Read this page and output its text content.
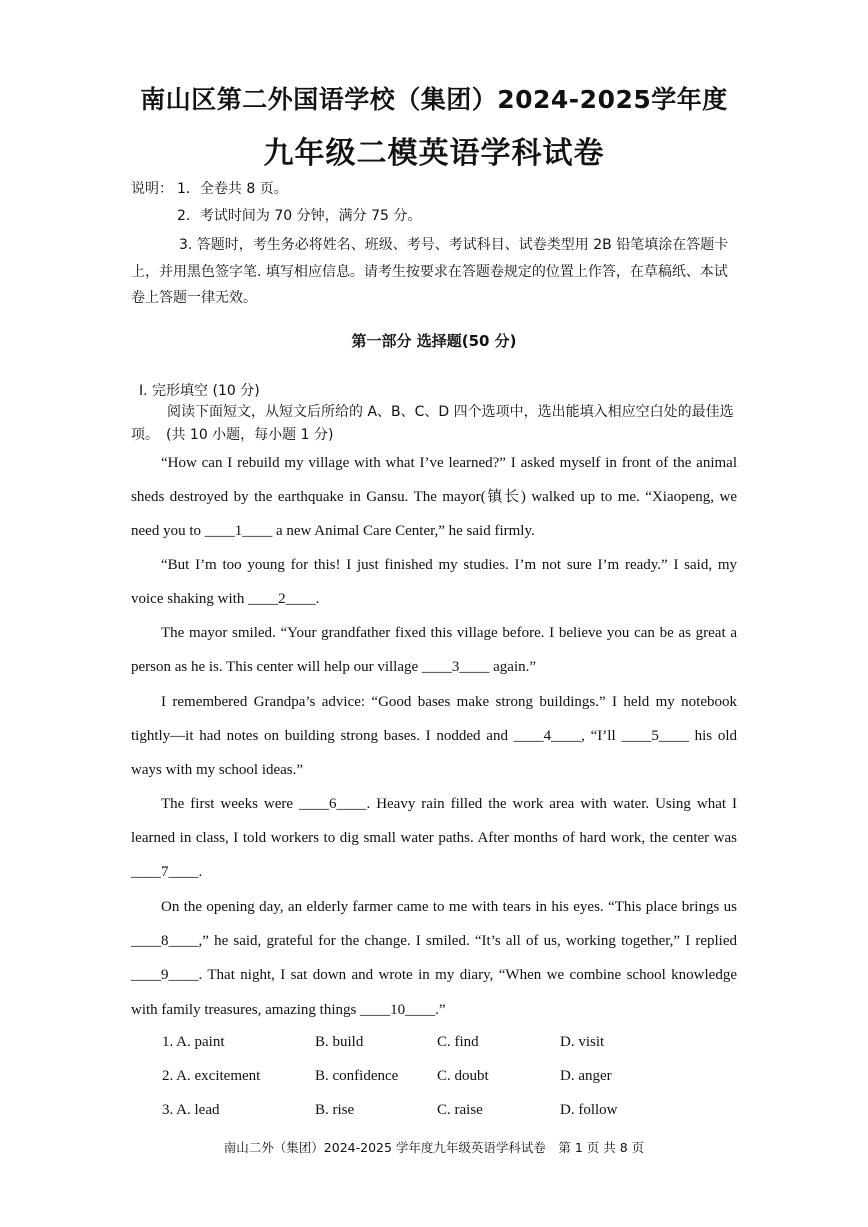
南山区第二外国语学校（集团）2024-2025学年度
九年级二模英语学科试卷
说明： 1．全卷共 8 页。
2．考试时间为 70 分钟，满分 75 分。
3. 答题时，考生务必将姓名、班级、考号、考试科目、试卷类型用 2B 铅笔填涂在答题卡上，并用黑色签字笔. 填写相应信息。请考生按要求在答题卷规定的位置上作答，在草稿纸、本试卷上答题一律无效。
第一部分 选择题(50 分)
I. 完形填空 (10 分)
阅读下面短文，从短文后所给的 A、B、C、D 四个选项中，选出能填入相应空白处的最佳选项。　(共 10 小题，每小题 1 分)
“How can I rebuild my village with what I’ve learned?” I asked myself in front of the animal sheds destroyed by the earthquake in Gansu. The mayor(镇长) walked up to me. “Xiaopeng, we need you to ____1____ a new Animal Care Center,” he said firmly.
“But I’m too young for this! I just finished my studies. I’m not sure I’m ready.” I said, my voice shaking with ____2____.
The mayor smiled. “Your grandfather fixed this village before. I believe you can be as great a person as he is. This center will help our village ____3____ again.”
I remembered Grandpa’s advice: “Good bases make strong buildings.” I held my notebook tightly—it had notes on building strong bases. I nodded and ____4____, “I’ll ____5____ his old ways with my school ideas.”
The first weeks were ____6____. Heavy rain filled the work area with water. Using what I learned in class, I told workers to dig small water paths. After months of hard work, the center was ____7____.
On the opening day, an elderly farmer came to me with tears in his eyes. “This place brings us ____8____,” he said, grateful for the change. I smiled. “It’s all of us, working together,” I replied ____9____. That night, I sat down and wrote in my diary, “When we combine school knowledge with family treasures, amazing things ____10____.”
1. A. paint	B. build	C. find	D. visit
2. A. excitement	B. confidence	C. doubt	D. anger
3. A. lead	B. rise	C. raise	D. follow
南山二外（集团）2024-2025 学年度九年级英语学科试卷　第 1 页 共 8 页
